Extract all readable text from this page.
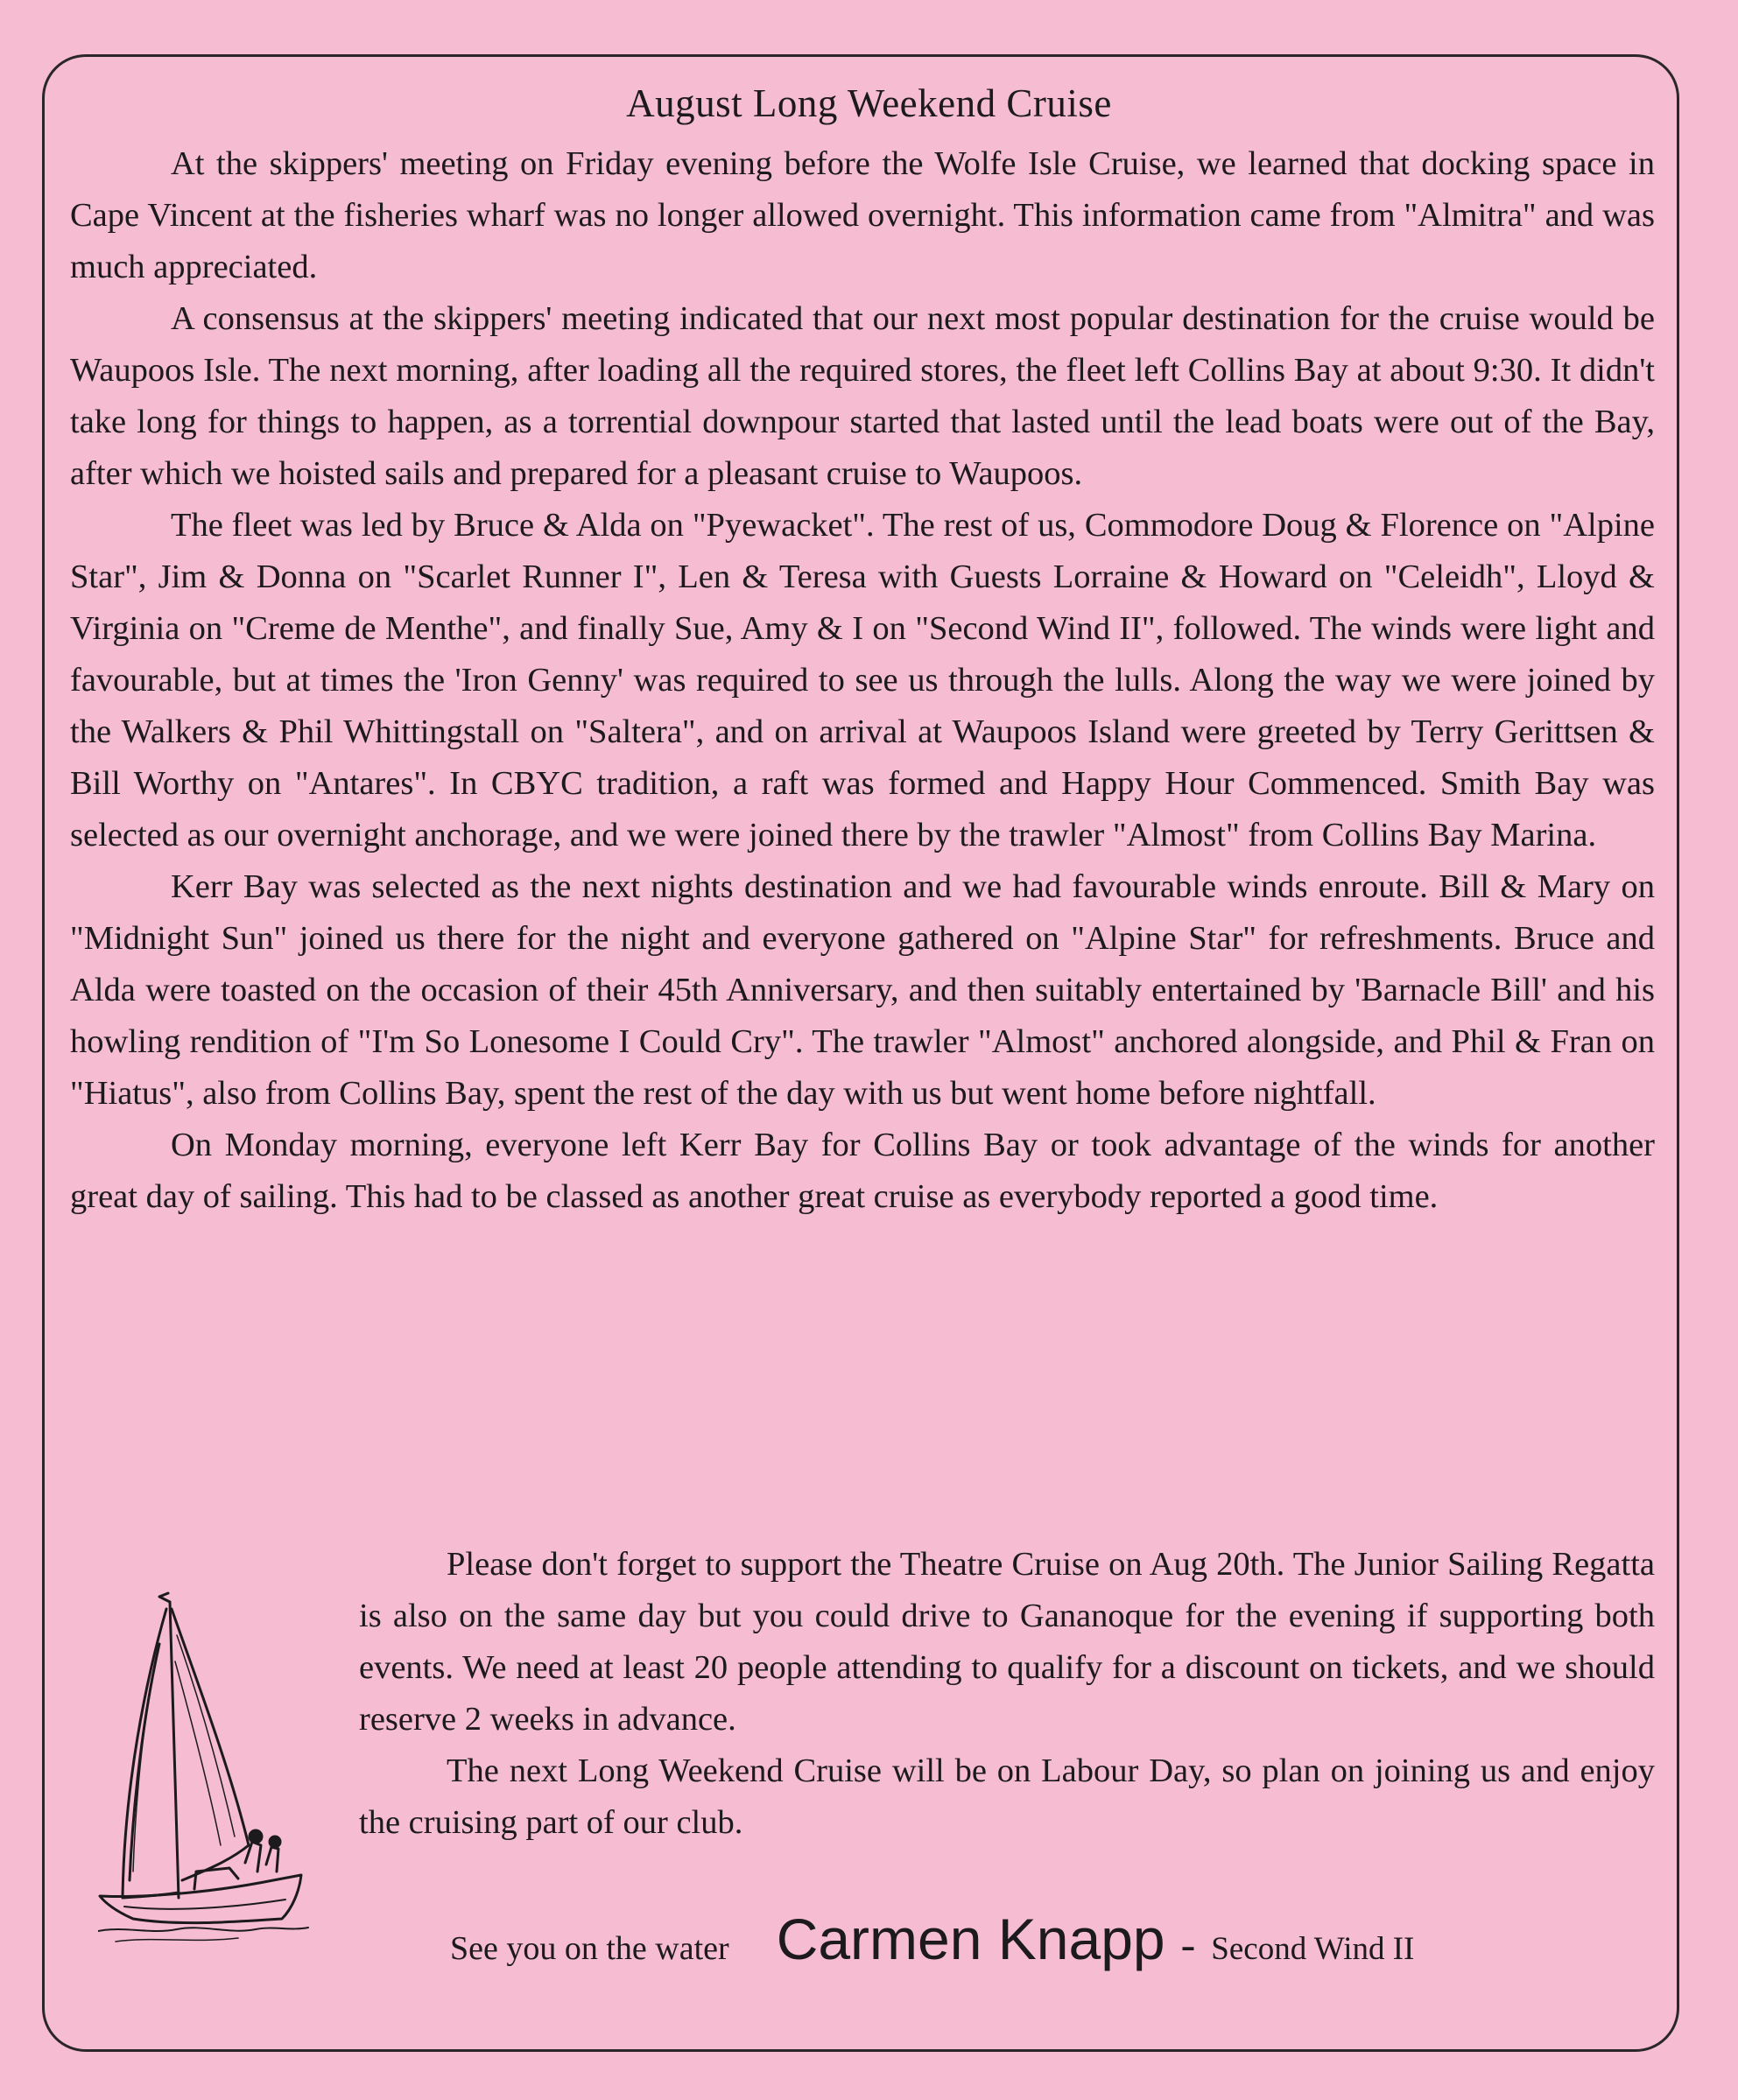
August Long Weekend Cruise

At the skippers' meeting on Friday evening before the Wolfe Isle Cruise, we learned that docking space in Cape Vincent at the fisheries wharf was no longer allowed overnight. This information came from "Almitra" and was much appreciated.

A consensus at the skippers' meeting indicated that our next most popular destination for the cruise would be Waupoos Isle. The next morning, after loading all the required stores, the fleet left Collins Bay at about 9:30. It didn't take long for things to happen, as a torrential downpour started that lasted until the lead boats were out of the Bay, after which we hoisted sails and prepared for a pleasant cruise to Waupoos.

The fleet was led by Bruce & Alda on "Pyewacket". The rest of us, Commodore Doug & Florence on "Alpine Star", Jim & Donna on "Scarlet Runner I", Len & Teresa with Guests Lorraine & Howard on "Celeidh", Lloyd & Virginia on "Creme de Menthe", and finally Sue, Amy & I on "Second Wind II", followed. The winds were light and favourable, but at times the 'Iron Genny' was required to see us through the lulls. Along the way we were joined by the Walkers & Phil Whittingstall on "Saltera", and on arrival at Waupoos Island were greeted by Terry Gerittsen & Bill Worthy on "Antares". In CBYC tradition, a raft was formed and Happy Hour Commenced. Smith Bay was selected as our overnight anchorage, and we were joined there by the trawler "Almost" from Collins Bay Marina.

Kerr Bay was selected as the next nights destination and we had favourable winds enroute. Bill & Mary on "Midnight Sun" joined us there for the night and everyone gathered on "Alpine Star" for refreshments. Bruce and Alda were toasted on the occasion of their 45th Anniversary, and then suitably entertained by 'Barnacle Bill' and his howling rendition of "I'm So Lonesome I Could Cry". The trawler "Almost" anchored alongside, and Phil & Fran on "Hiatus", also from Collins Bay, spent the rest of the day with us but went home before nightfall.

On Monday morning, everyone left Kerr Bay for Collins Bay or took advantage of the winds for another great day of sailing. This had to be classed as another great cruise as everybody reported a good time.

Please don't forget to support the Theatre Cruise on Aug 20th. The Junior Sailing Regatta is also on the same day but you could drive to Gananoque for the evening if supporting both events. We need at least 20 people attending to qualify for a discount on tickets, and we should reserve 2 weeks in advance.

The next Long Weekend Cruise will be on Labour Day, so plan on joining us and enjoy the cruising part of our club.

See you on the water Carmen Knapp - Second Wind II
